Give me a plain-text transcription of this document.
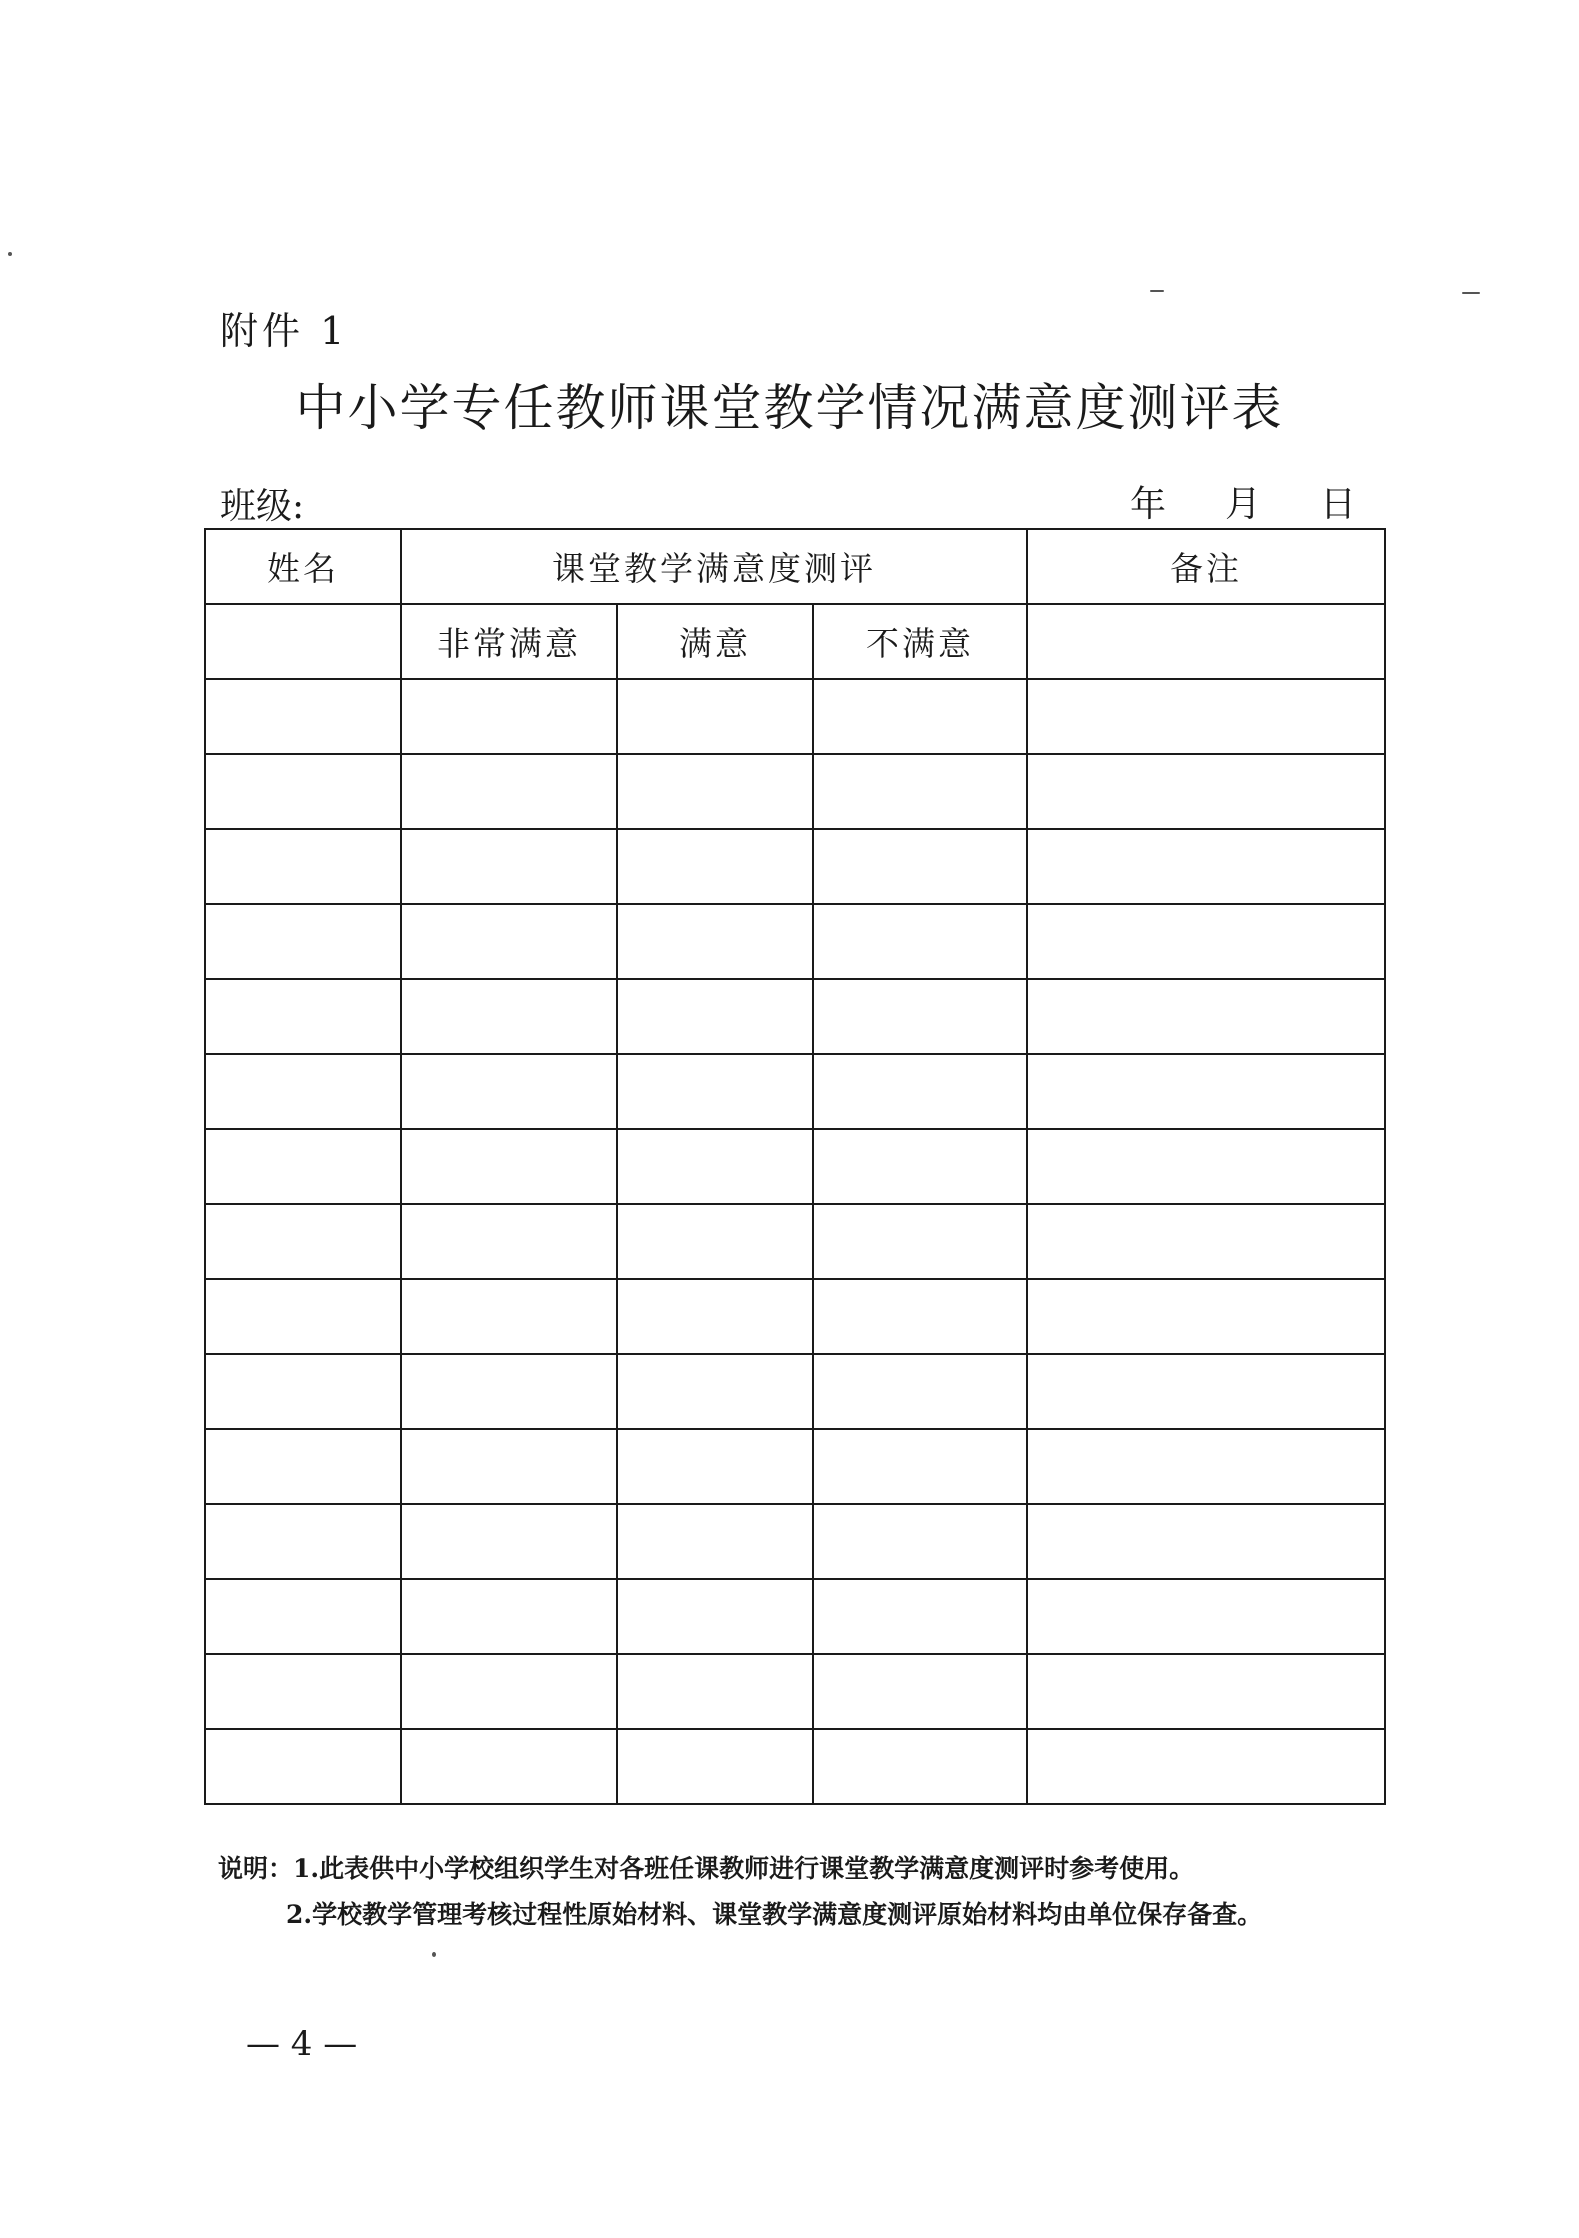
附件 1
中小学专任教师课堂教学情况满意度测评表
班级:	年	月	日
姓名	课堂教学满意度测评			备注
	非常满意	满意	不满意	

说明：1.此表供中小学校组织学生对各班任课教师进行课堂教学满意度测评时参考使用。
2.学校教学管理考核过程性原始材料、课堂教学满意度测评原始材料均由单位保存备查。
— 4 —
